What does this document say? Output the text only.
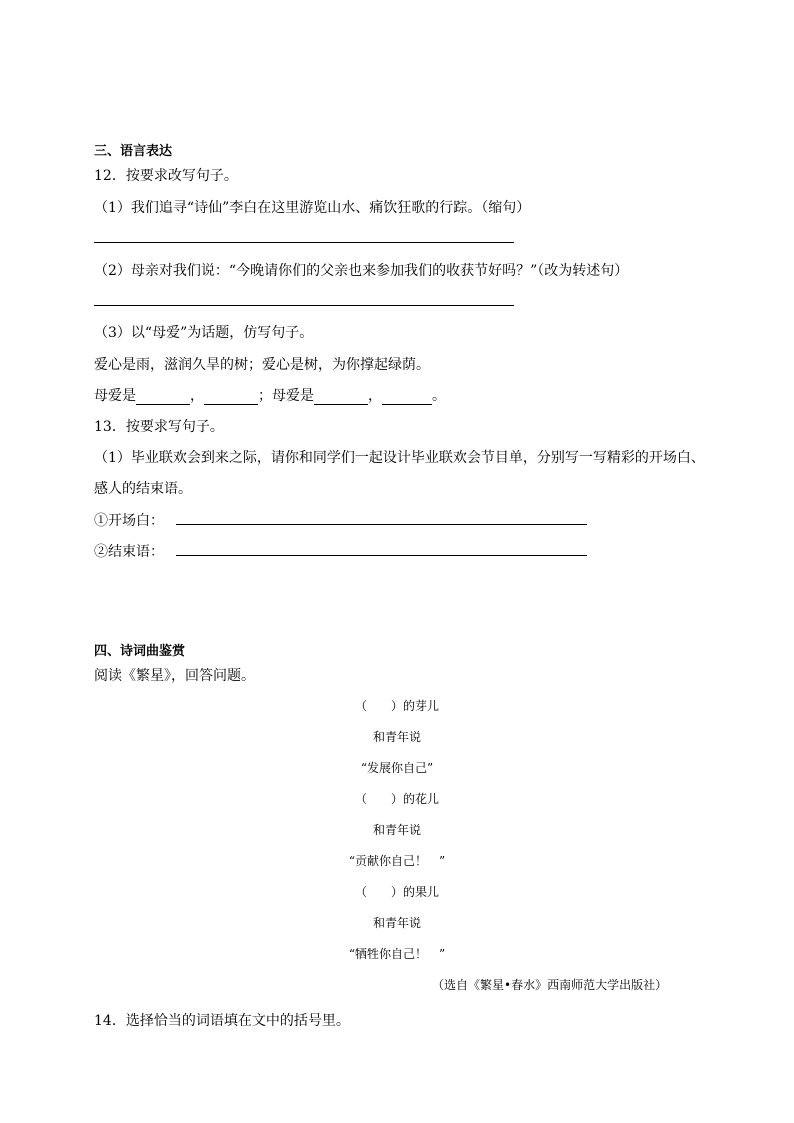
三、语言表达
12．按要求改写句子。
（1）我们追寻“诗仙”李白在这里游览山水、痛饮狂歌的行踪。（缩句）
（2）母亲对我们说：“今晚请你们的父亲也来参加我们的收获节好吗？”（改为转述句）
（3）以“母爱”为话题，仿写句子。
爱心是雨，滋润久旱的树；爱心是树，为你撑起绿荫。
母爱是	，	；母爱是	，	。
13．按要求写句子。
（1）毕业联欢会到来之际，请你和同学们一起设计毕业联欢会节目单，分别写一写精彩的开场白、
感人的结束语。
①开场白：
②结束语：
四、诗词曲鉴赏
阅读《繁星》，回答问题。
（　　）的芽儿
和青年说
“发展你自己”
（　　）的花儿
和青年说
“贡献你自己！　”
（　　）的果儿
和青年说
“牺牲你自己！　”
（选自《繁星•春水》西南师范大学出版社）
14．选择恰当的词语填在文中的括号里。
